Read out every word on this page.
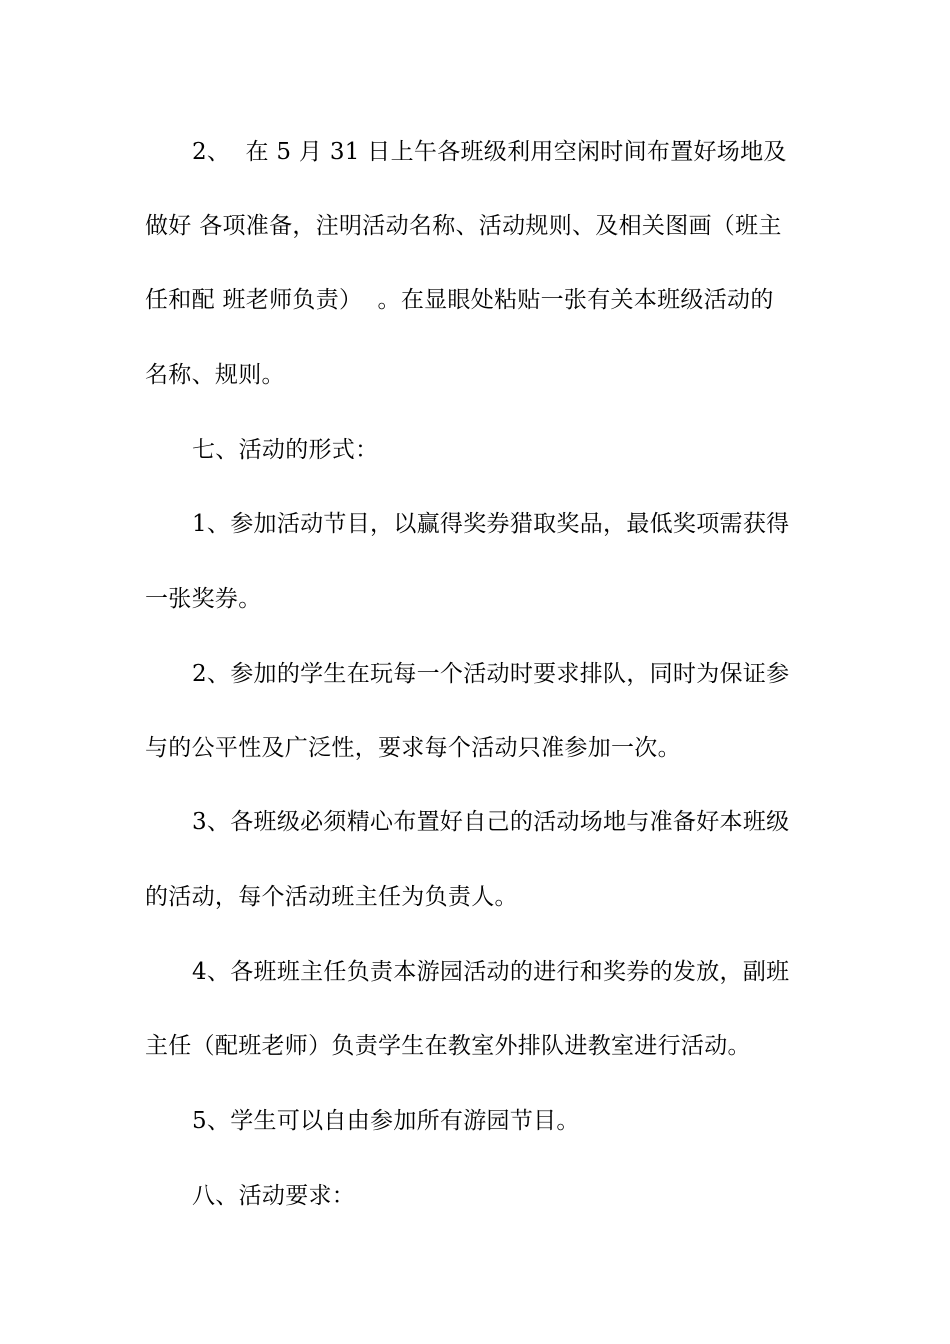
2、  在 5 月 31 日上午各班级利用空闲时间布置好场地及
做好 各项准备，注明活动名称、活动规则、及相关图画（班主
任和配 班老师负责）  。在显眼处粘贴一张有关本班级活动的
名称、规则。
七、活动的形式：
1、参加活动节目，以赢得奖券猎取奖品，最低奖项需获得
一张奖券。
2、参加的学生在玩每一个活动时要求排队，同时为保证参
与的公平性及广泛性，要求每个活动只准参加一次。
3、各班级必须精心布置好自己的活动场地与准备好本班级
的活动，每个活动班主任为负责人。
4、各班班主任负责本游园活动的进行和奖券的发放，副班
主任（配班老师）负责学生在教室外排队进教室进行活动。
5、学生可以自由参加所有游园节目。
八、活动要求：
